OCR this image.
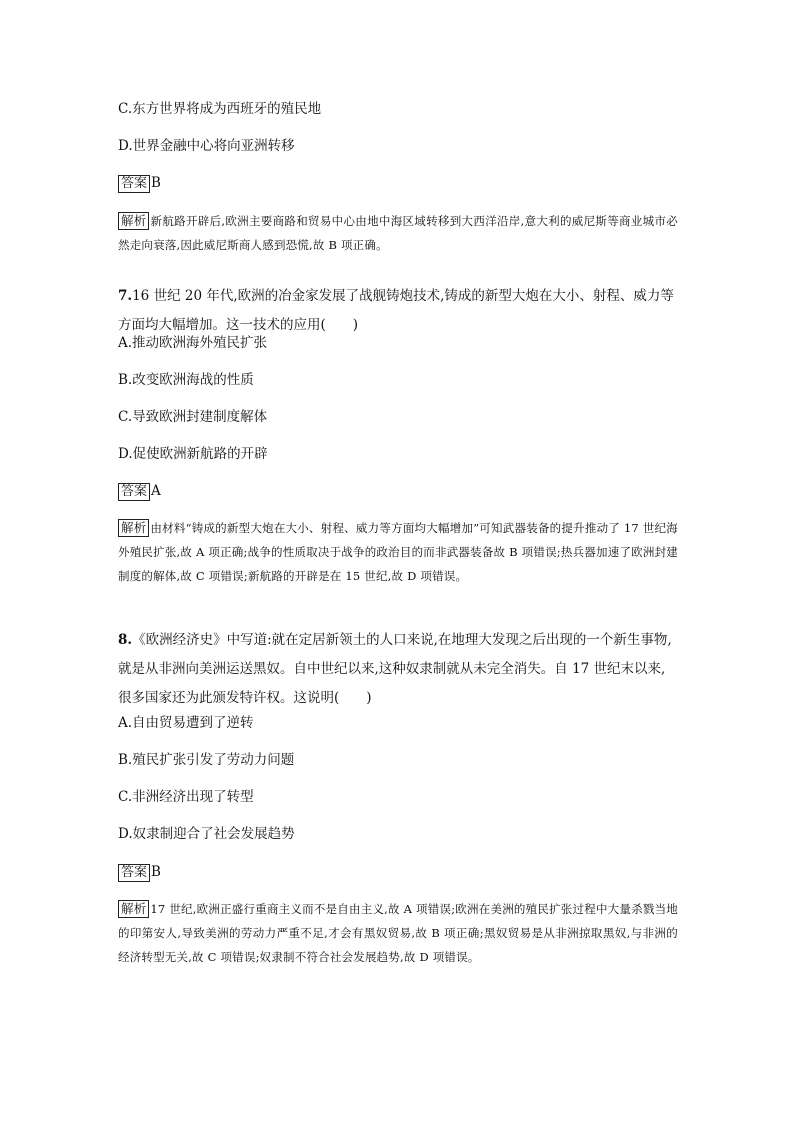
C.东方世界将成为西班牙的殖民地
D.世界金融中心将向亚洲转移
答案 B

解析 新航路开辟后,欧洲主要商路和贸易中心由地中海区域转移到大西洋沿岸,意大利的威尼斯等商业城市必然走向衰落,因此威尼斯商人感到恐慌,故 B 项正确。

7.16 世纪 20 年代,欧洲的冶金家发展了战舰铸炮技术,铸成的新型大炮在大小、射程、威力等方面均大幅增加。这一技术的应用(　　)

A.推动欧洲海外殖民扩张
B.改变欧洲海战的性质
C.导致欧洲封建制度解体
D.促使欧洲新航路的开辟
答案 A

解析 由材料“铸成的新型大炮在大小、射程、威力等方面均大幅增加”可知武器装备的提升推动了 17 世纪海外殖民扩张,故 A 项正确;战争的性质取决于战争的政治目的而非武器装备故 B 项错误;热兵器加速了欧洲封建制度的解体,故 C 项错误;新航路的开辟是在 15 世纪,故 D 项错误。

8.《欧洲经济史》中写道:就在定居新领土的人口来说,在地理大发现之后出现的一个新生事物,就是从非洲向美洲运送黑奴。自中世纪以来,这种奴隶制就从未完全消失。自 17 世纪末以来,很多国家还为此颁发特许权。这说明(　　)

A.自由贸易遭到了逆转
B.殖民扩张引发了劳动力问题
C.非洲经济出现了转型
D.奴隶制迎合了社会发展趋势
答案 B

解析 17 世纪,欧洲正盛行重商主义而不是自由主义,故 A 项错误;欧洲在美洲的殖民扩张过程中大量杀戮当地的印第安人,导致美洲的劳动力严重不足,才会有黑奴贸易,故 B 项正确;黑奴贸易是从非洲掠取黑奴,与非洲的经济转型无关,故 C 项错误;奴隶制不符合社会发展趋势,故 D 项错误。
